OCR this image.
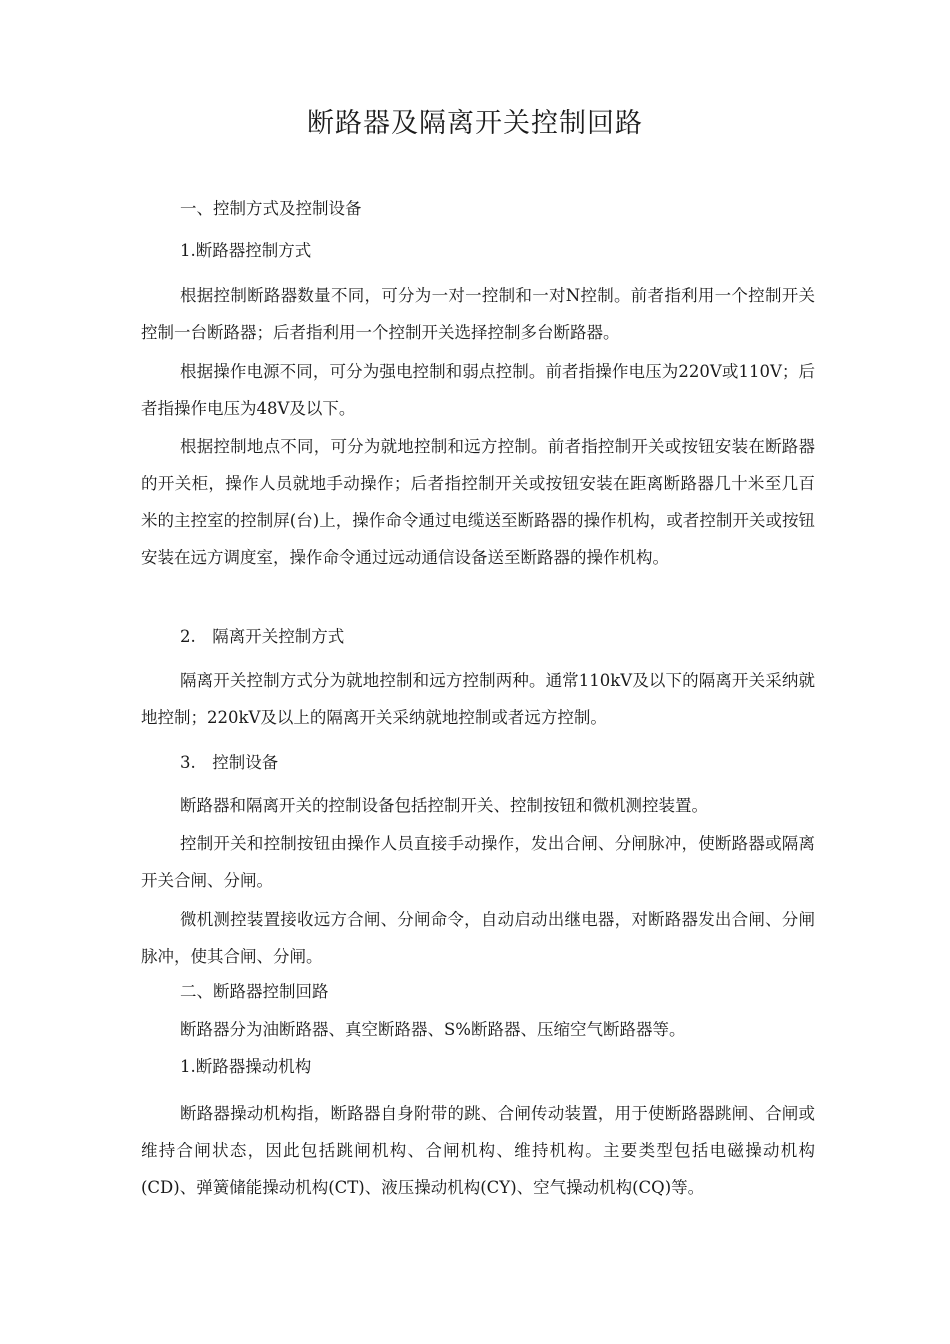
断路器及隔离开关控制回路

一、控制方式及控制设备

1.断路器控制方式

根据控制断路器数量不同，可分为一对一控制和一对N控制。前者指利用一个控制开关控制一台断路器；后者指利用一个控制开关选择控制多台断路器。

根据操作电源不同，可分为强电控制和弱点控制。前者指操作电压为220V或110V；后者指操作电压为48V及以下。

根据控制地点不同，可分为就地控制和远方控制。前者指控制开关或按钮安装在断路器的开关柜，操作人员就地手动操作；后者指控制开关或按钮安装在距离断路器几十米至几百米的主控室的控制屏(台)上，操作命令通过电缆送至断路器的操作机构，或者控制开关或按钮安装在远方调度室，操作命令通过远动通信设备送至断路器的操作机构。

2.　隔离开关控制方式

隔离开关控制方式分为就地控制和远方控制两种。通常110kV及以下的隔离开关采纳就地控制；220kV及以上的隔离开关采纳就地控制或者远方控制。

3.　控制设备

断路器和隔离开关的控制设备包括控制开关、控制按钮和微机测控装置。

控制开关和控制按钮由操作人员直接手动操作，发出合闸、分闸脉冲，使断路器或隔离开关合闸、分闸。

微机测控装置接收远方合闸、分闸命令，自动启动出继电器，对断路器发出合闸、分闸脉冲，使其合闸、分闸。

二、断路器控制回路

断路器分为油断路器、真空断路器、S%断路器、压缩空气断路器等。

1.断路器操动机构

断路器操动机构指，断路器自身附带的跳、合闸传动装置，用于使断路器跳闸、合闸或维持合闸状态，因此包括跳闸机构、合闸机构、维持机构。主要类型包括电磁操动机构(CD)、弹簧储能操动机构(CT)、液压操动机构(CY)、空气操动机构(CQ)等。
